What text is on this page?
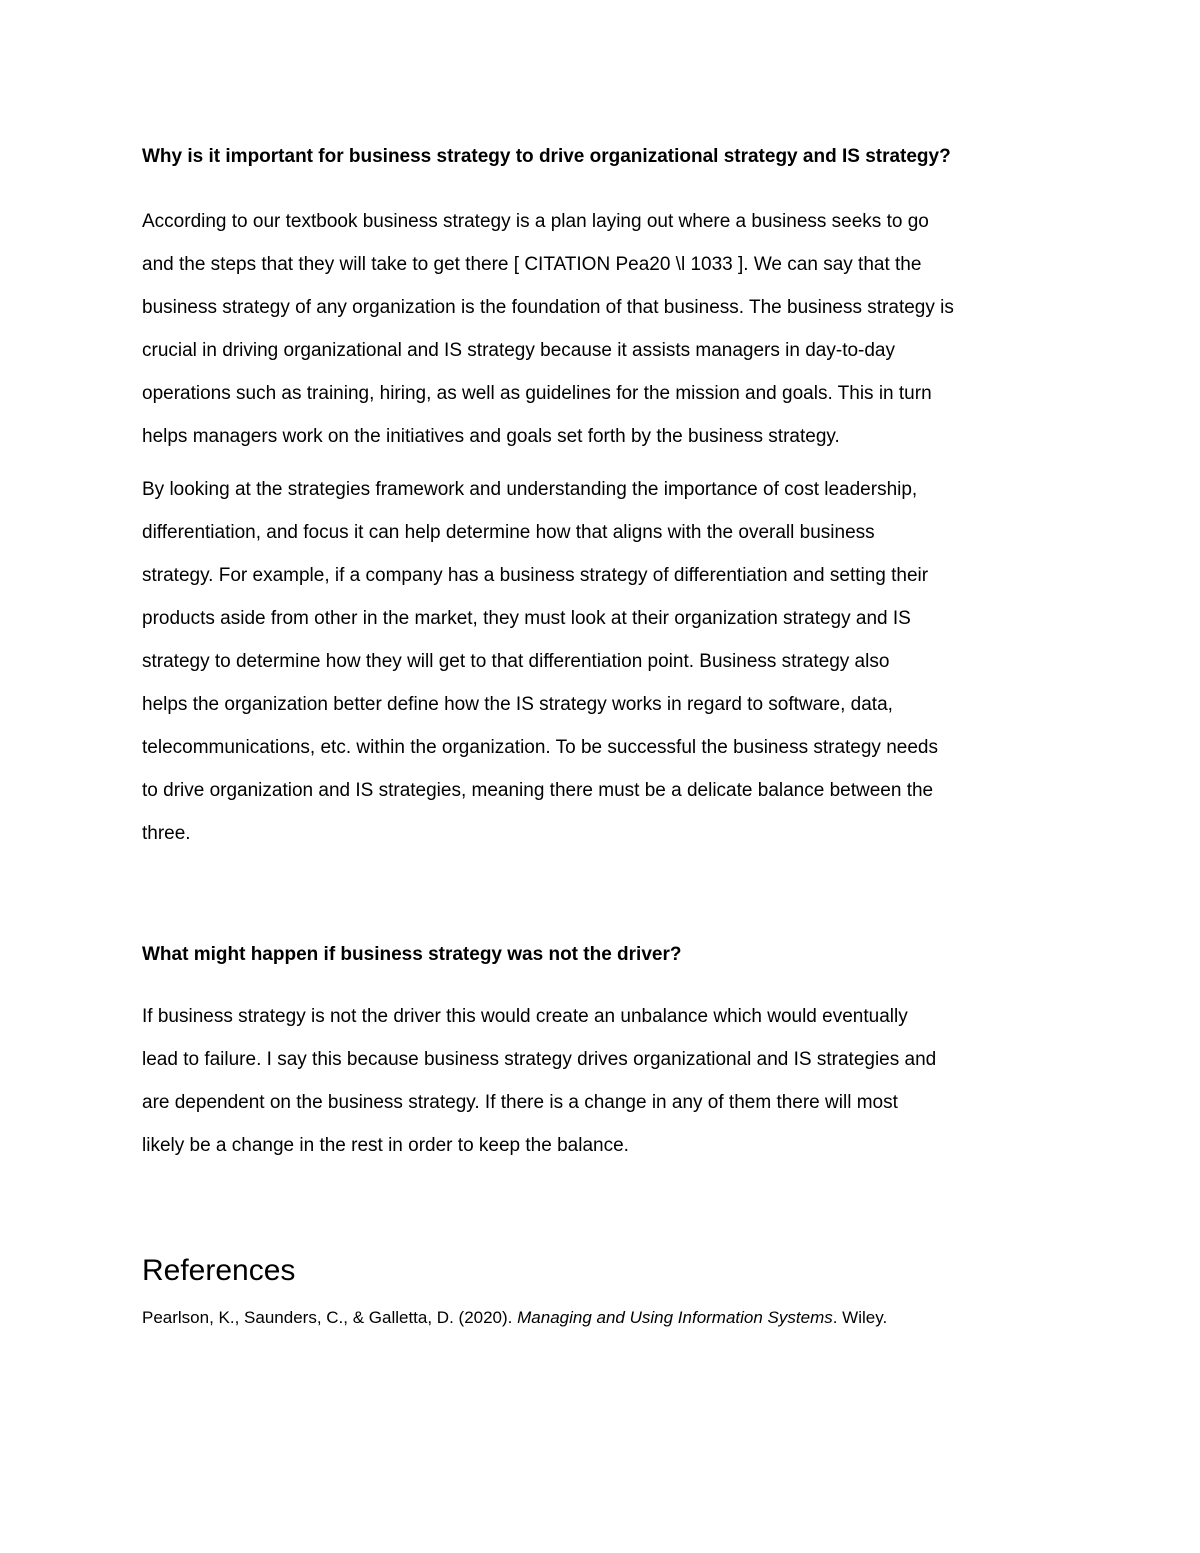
Why is it important for business strategy to drive organizational strategy and IS strategy?

According to our textbook business strategy is a plan laying out where a business seeks to go
and the steps that they will take to get there [ CITATION Pea20 \l 1033 ]. We can say that the
business strategy of any organization is the foundation of that business. The business strategy is
crucial in driving organizational and IS strategy because it assists managers in day-to-day
operations such as training, hiring, as well as guidelines for the mission and goals. This in turn
helps managers work on the initiatives and goals set forth by the business strategy.

By looking at the strategies framework and understanding the importance of cost leadership,
differentiation, and focus it can help determine how that aligns with the overall business
strategy. For example, if a company has a business strategy of differentiation and setting their
products aside from other in the market, they must look at their organization strategy and IS
strategy to determine how they will get to that differentiation point. Business strategy also
helps the organization better define how the IS strategy works in regard to software, data,
telecommunications, etc. within the organization. To be successful the business strategy needs
to drive organization and IS strategies, meaning there must be a delicate balance between the
three.

What might happen if business strategy was not the driver?

If business strategy is not the driver this would create an unbalance which would eventually
lead to failure. I say this because business strategy drives organizational and IS strategies and
are dependent on the business strategy. If there is a change in any of them there will most
likely be a change in the rest in order to keep the balance.

References

Pearlson, K., Saunders, C., & Galletta, D. (2020). Managing and Using Information Systems. Wiley.
